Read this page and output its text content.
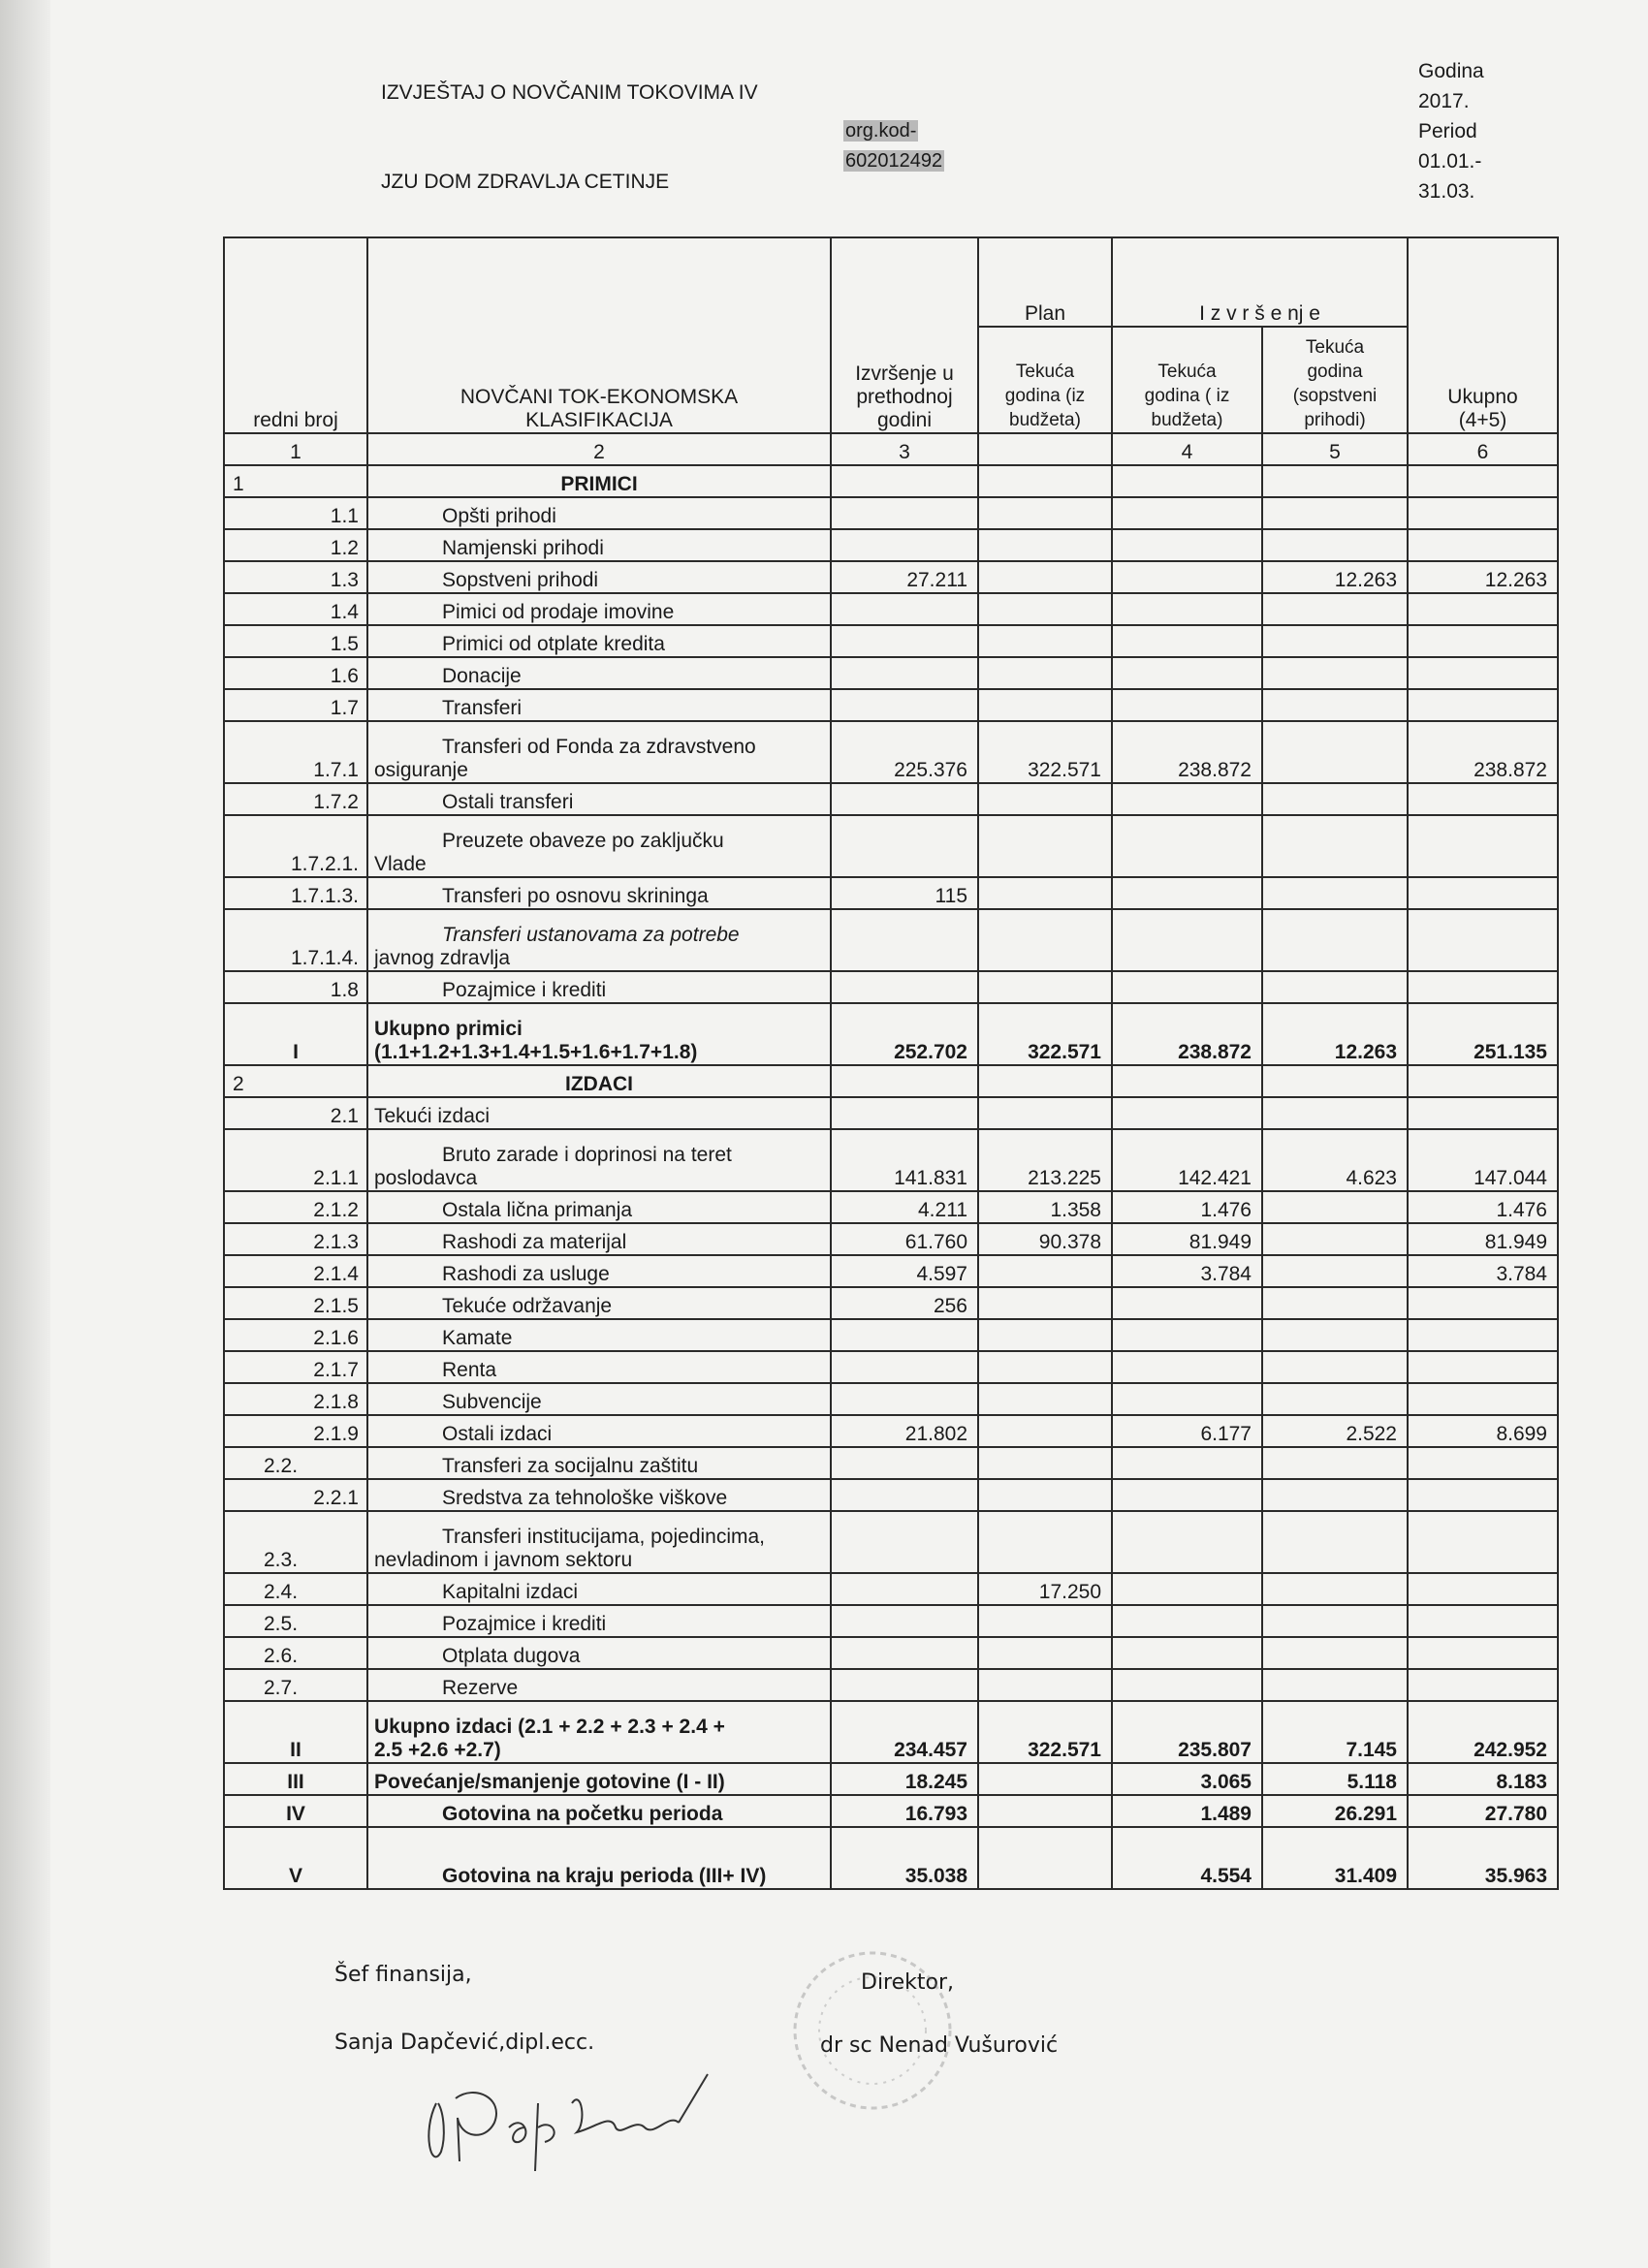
IZVJEŠTAJ O NOVČANIM TOKOVIMA IV
JZU DOM ZDRAVLJA CETINJE
org.kod-
602012492
Godina
2017.
Period
01.01.-
31.03.
redni broj	NOVČANI TOK-EKONOMSKA KLASIFIKACIJA	Izvršenje u prethodnoj godini	Plan	I z v r š e nj e		Ukupno (4+5)

			Tekuća godina (iz budžeta)	Tekuća godina ( iz budžeta)	Tekuća godina (sopstveni prihodi)	

1	2	3		4	5	6
1	PRIMICI					
1.1	Opšti prihodi					
1.2	Namjenski prihodi					
1.3	Sopstveni prihodi	27.211			12.263	12.263
1.4	Pimici od prodaje imovine					
1.5	Primici od otplate kredita					
1.6	Donacije					
1.7	Transferi					
1.7.1	Transferi od Fonda za zdravstveno
osiguranje	225.376	322.571	238.872		238.872
1.7.2	Ostali transferi					
1.7.2.1.	Preuzete obaveze po zaključku
Vlade					

1.7.1.3.	Transferi po osnovu skrininga	115				
1.7.1.4.	Transferi ustanovama za potrebe
javnog zdravlja					

1.8	Pozajmice i krediti					
I	Ukupno primici
(1.1+1.2+1.3+1.4+1.5+1.6+1.7+1.8)	252.702	322.571	238.872	12.263	251.135
2	IZDACI					
2.1	Tekući izdaci					
2.1.1	Bruto zarade i doprinosi na teret
poslodavca	141.831	213.225	142.421	4.623	147.044
2.1.2	Ostala lična primanja	4.211	1.358	1.476		1.476
2.1.3	Rashodi za materijal	61.760	90.378	81.949		81.949
2.1.4	Rashodi za usluge	4.597		3.784		3.784
2.1.5	Tekuće održavanje	256				
2.1.6	Kamate					
2.1.7	Renta					
2.1.8	Subvencije					
2.1.9	Ostali izdaci	21.802		6.177	2.522	8.699
2.2.	Transferi za socijalnu zaštitu					
2.2.1	Sredstva za tehnološke viškove					
2.3.	Transferi institucijama, pojedincima,
nevladinom i javnom sektoru					

2.4.	Kapitalni izdaci		17.250			
2.5.	Pozajmice i krediti					
2.6.	Otplata dugova					
2.7.	Rezerve					
II	Ukupno izdaci (2.1 + 2.2 + 2.3 + 2.4 +
2.5 +2.6 +2.7)	234.457	322.571	235.807	7.145	242.952
III	Povećanje/smanjenje gotovine (I - II)	18.245		3.065	5.118	8.183
IV	Gotovina na početku perioda	16.793		1.489	26.291	27.780
V	Gotovina na kraju perioda (III+ IV)	35.038		4.554	31.409	35.963
Šef finansija,
Sanja Dapčević,dipl.ecc.
Direktor,
dr sc Nenad Vušurović
